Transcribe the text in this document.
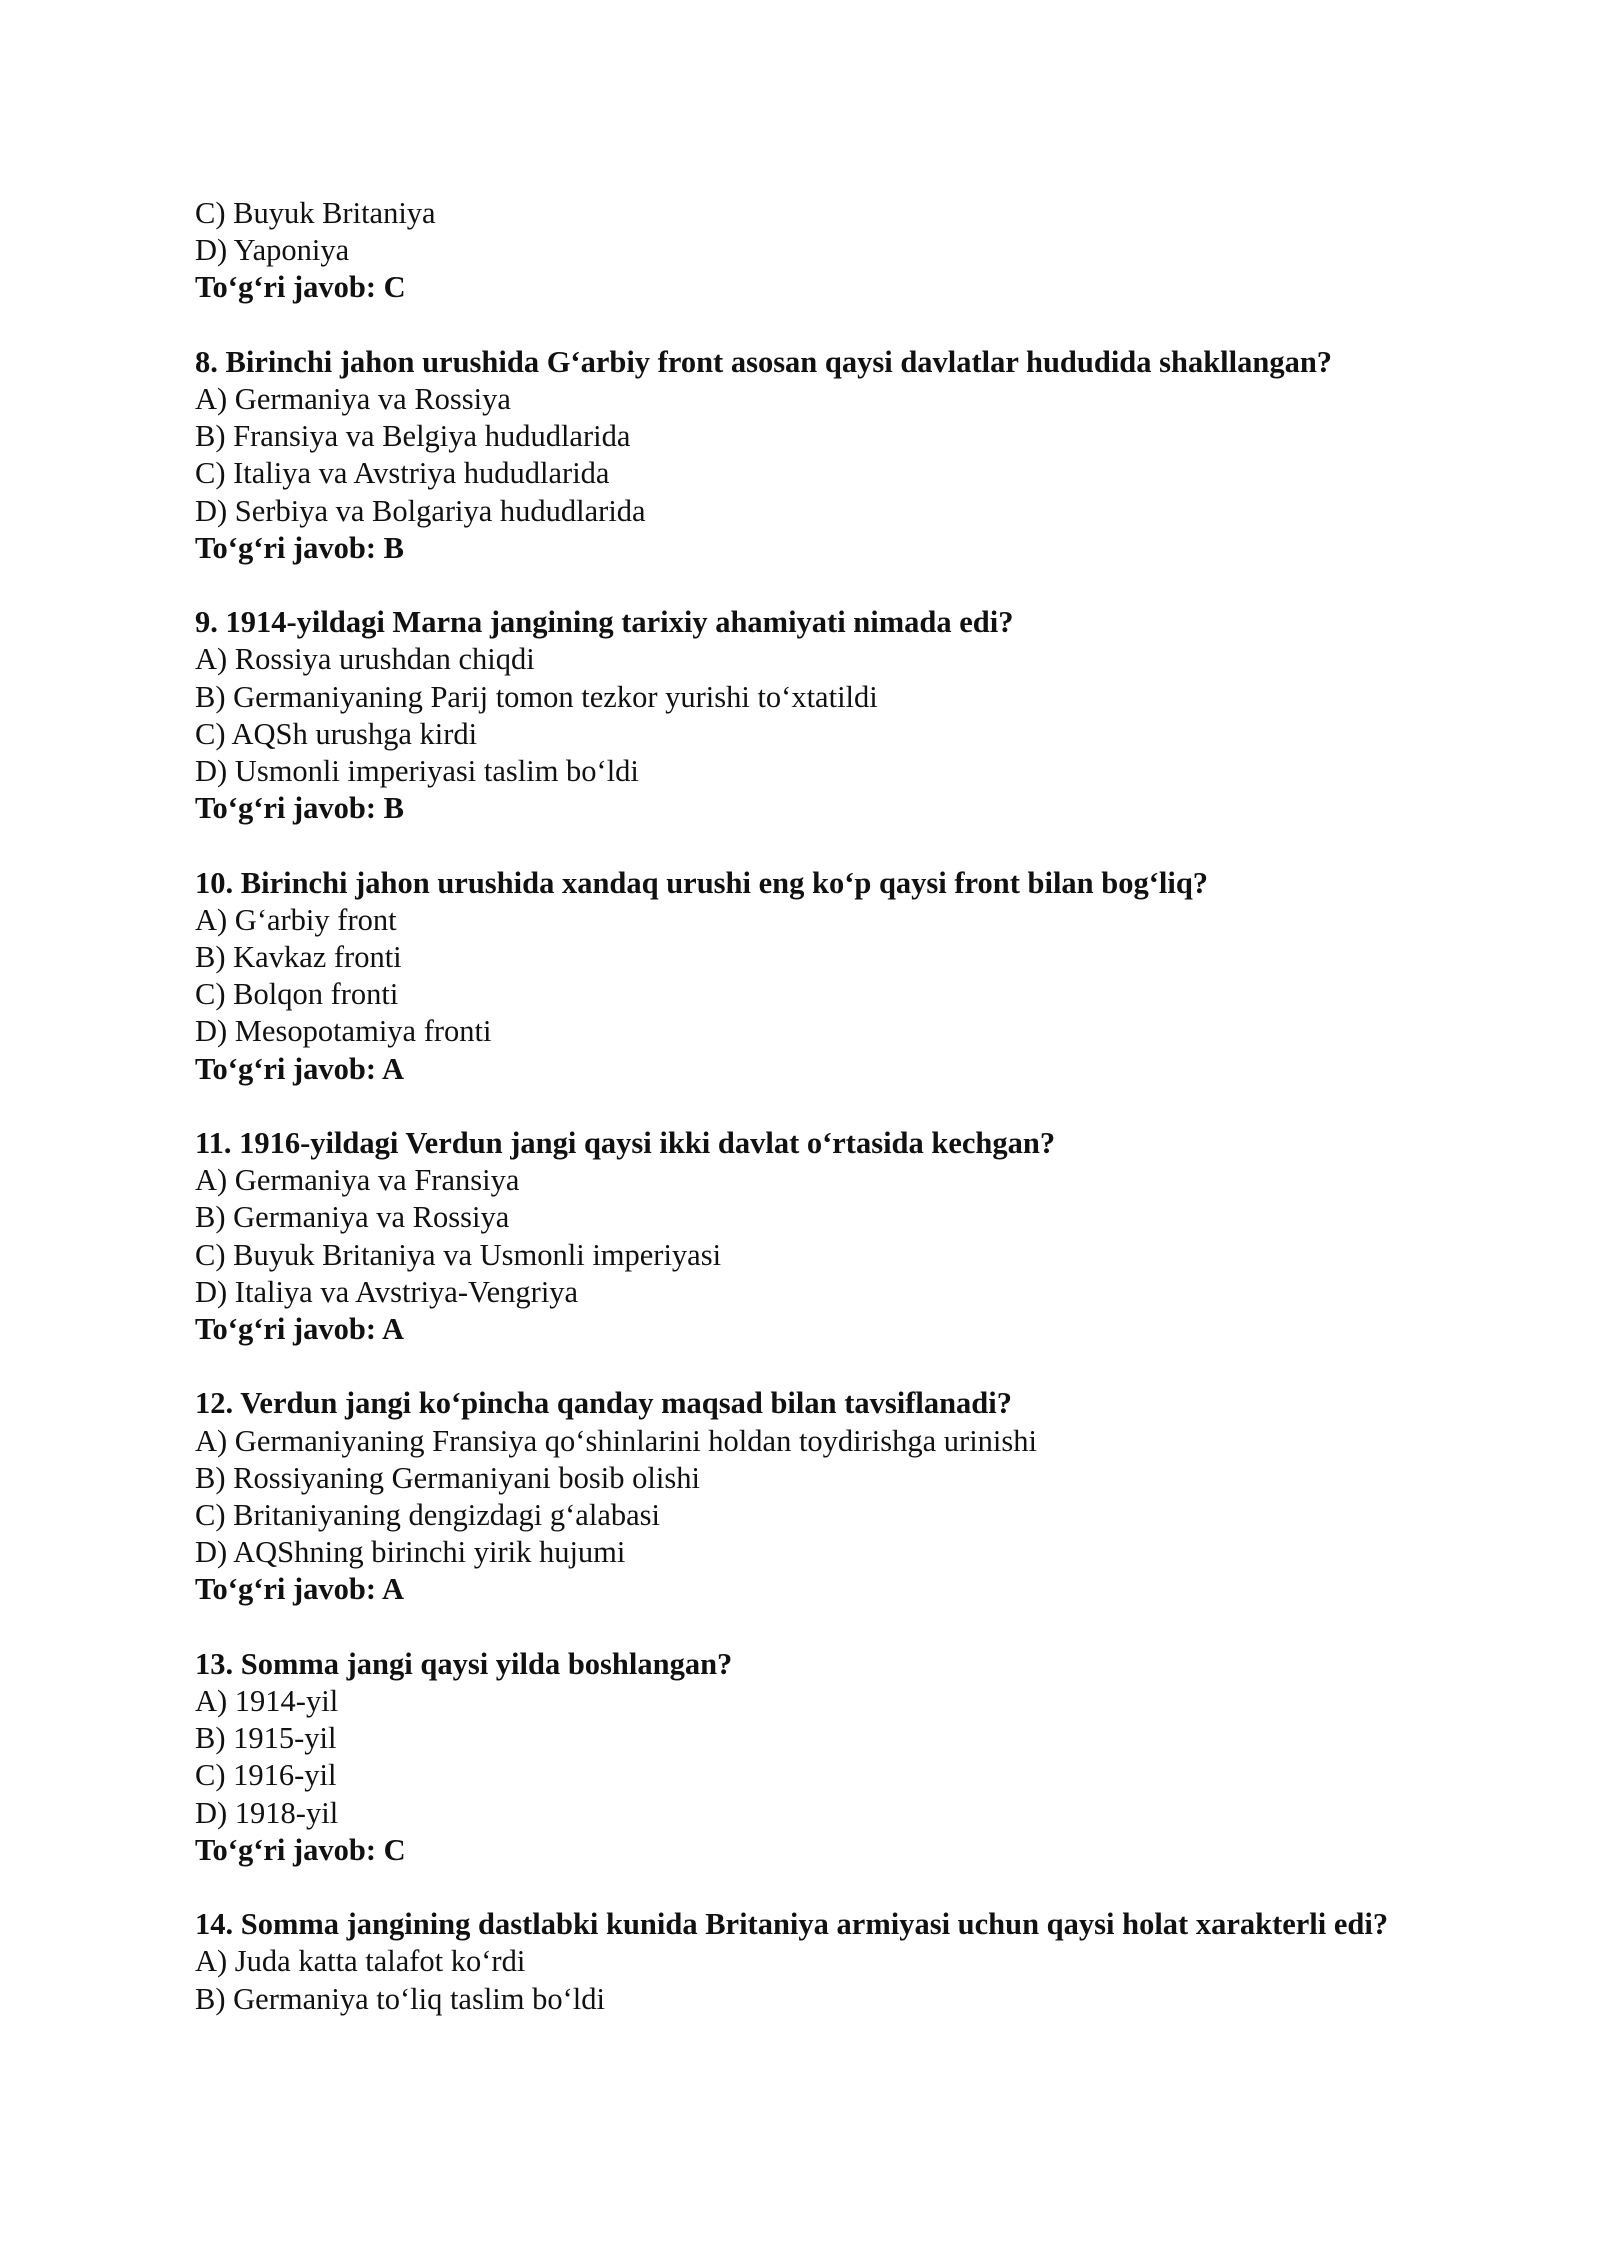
C) Buyuk Britaniya

D) Yaponiya

To‘g‘ri javob: C

8. Birinchi jahon urushida G‘arbiy front asosan qaysi davlatlar hududida shakllangan?

A) Germaniya va Rossiya

B) Fransiya va Belgiya hududlarida

C) Italiya va Avstriya hududlarida

D) Serbiya va Bolgariya hududlarida

To‘g‘ri javob: B

9. 1914-yildagi Marna jangining tarixiy ahamiyati nimada edi?

A) Rossiya urushdan chiqdi

B) Germaniyaning Parij tomon tezkor yurishi to‘xtatildi

C) AQSh urushga kirdi

D) Usmonli imperiyasi taslim bo‘ldi

To‘g‘ri javob: B

10. Birinchi jahon urushida xandaq urushi eng ko‘p qaysi front bilan bog‘liq?

A) G‘arbiy front

B) Kavkaz fronti

C) Bolqon fronti

D) Mesopotamiya fronti

To‘g‘ri javob: A

11. 1916-yildagi Verdun jangi qaysi ikki davlat o‘rtasida kechgan?

A) Germaniya va Fransiya

B) Germaniya va Rossiya

C) Buyuk Britaniya va Usmonli imperiyasi

D) Italiya va Avstriya-Vengriya

To‘g‘ri javob: A

12. Verdun jangi ko‘pincha qanday maqsad bilan tavsiflanadi?

A) Germaniyaning Fransiya qo‘shinlarini holdan toydirishga urinishi

B) Rossiyaning Germaniyani bosib olishi

C) Britaniyaning dengizdagi g‘alabasi

D) AQShning birinchi yirik hujumi

To‘g‘ri javob: A

13. Somma jangi qaysi yilda boshlangan?

A) 1914-yil

B) 1915-yil

C) 1916-yil

D) 1918-yil

To‘g‘ri javob: C

14. Somma jangining dastlabki kunida Britaniya armiyasi uchun qaysi holat xarakterli edi?

A) Juda katta talafot ko‘rdi

B) Germaniya to‘liq taslim bo‘ldi
